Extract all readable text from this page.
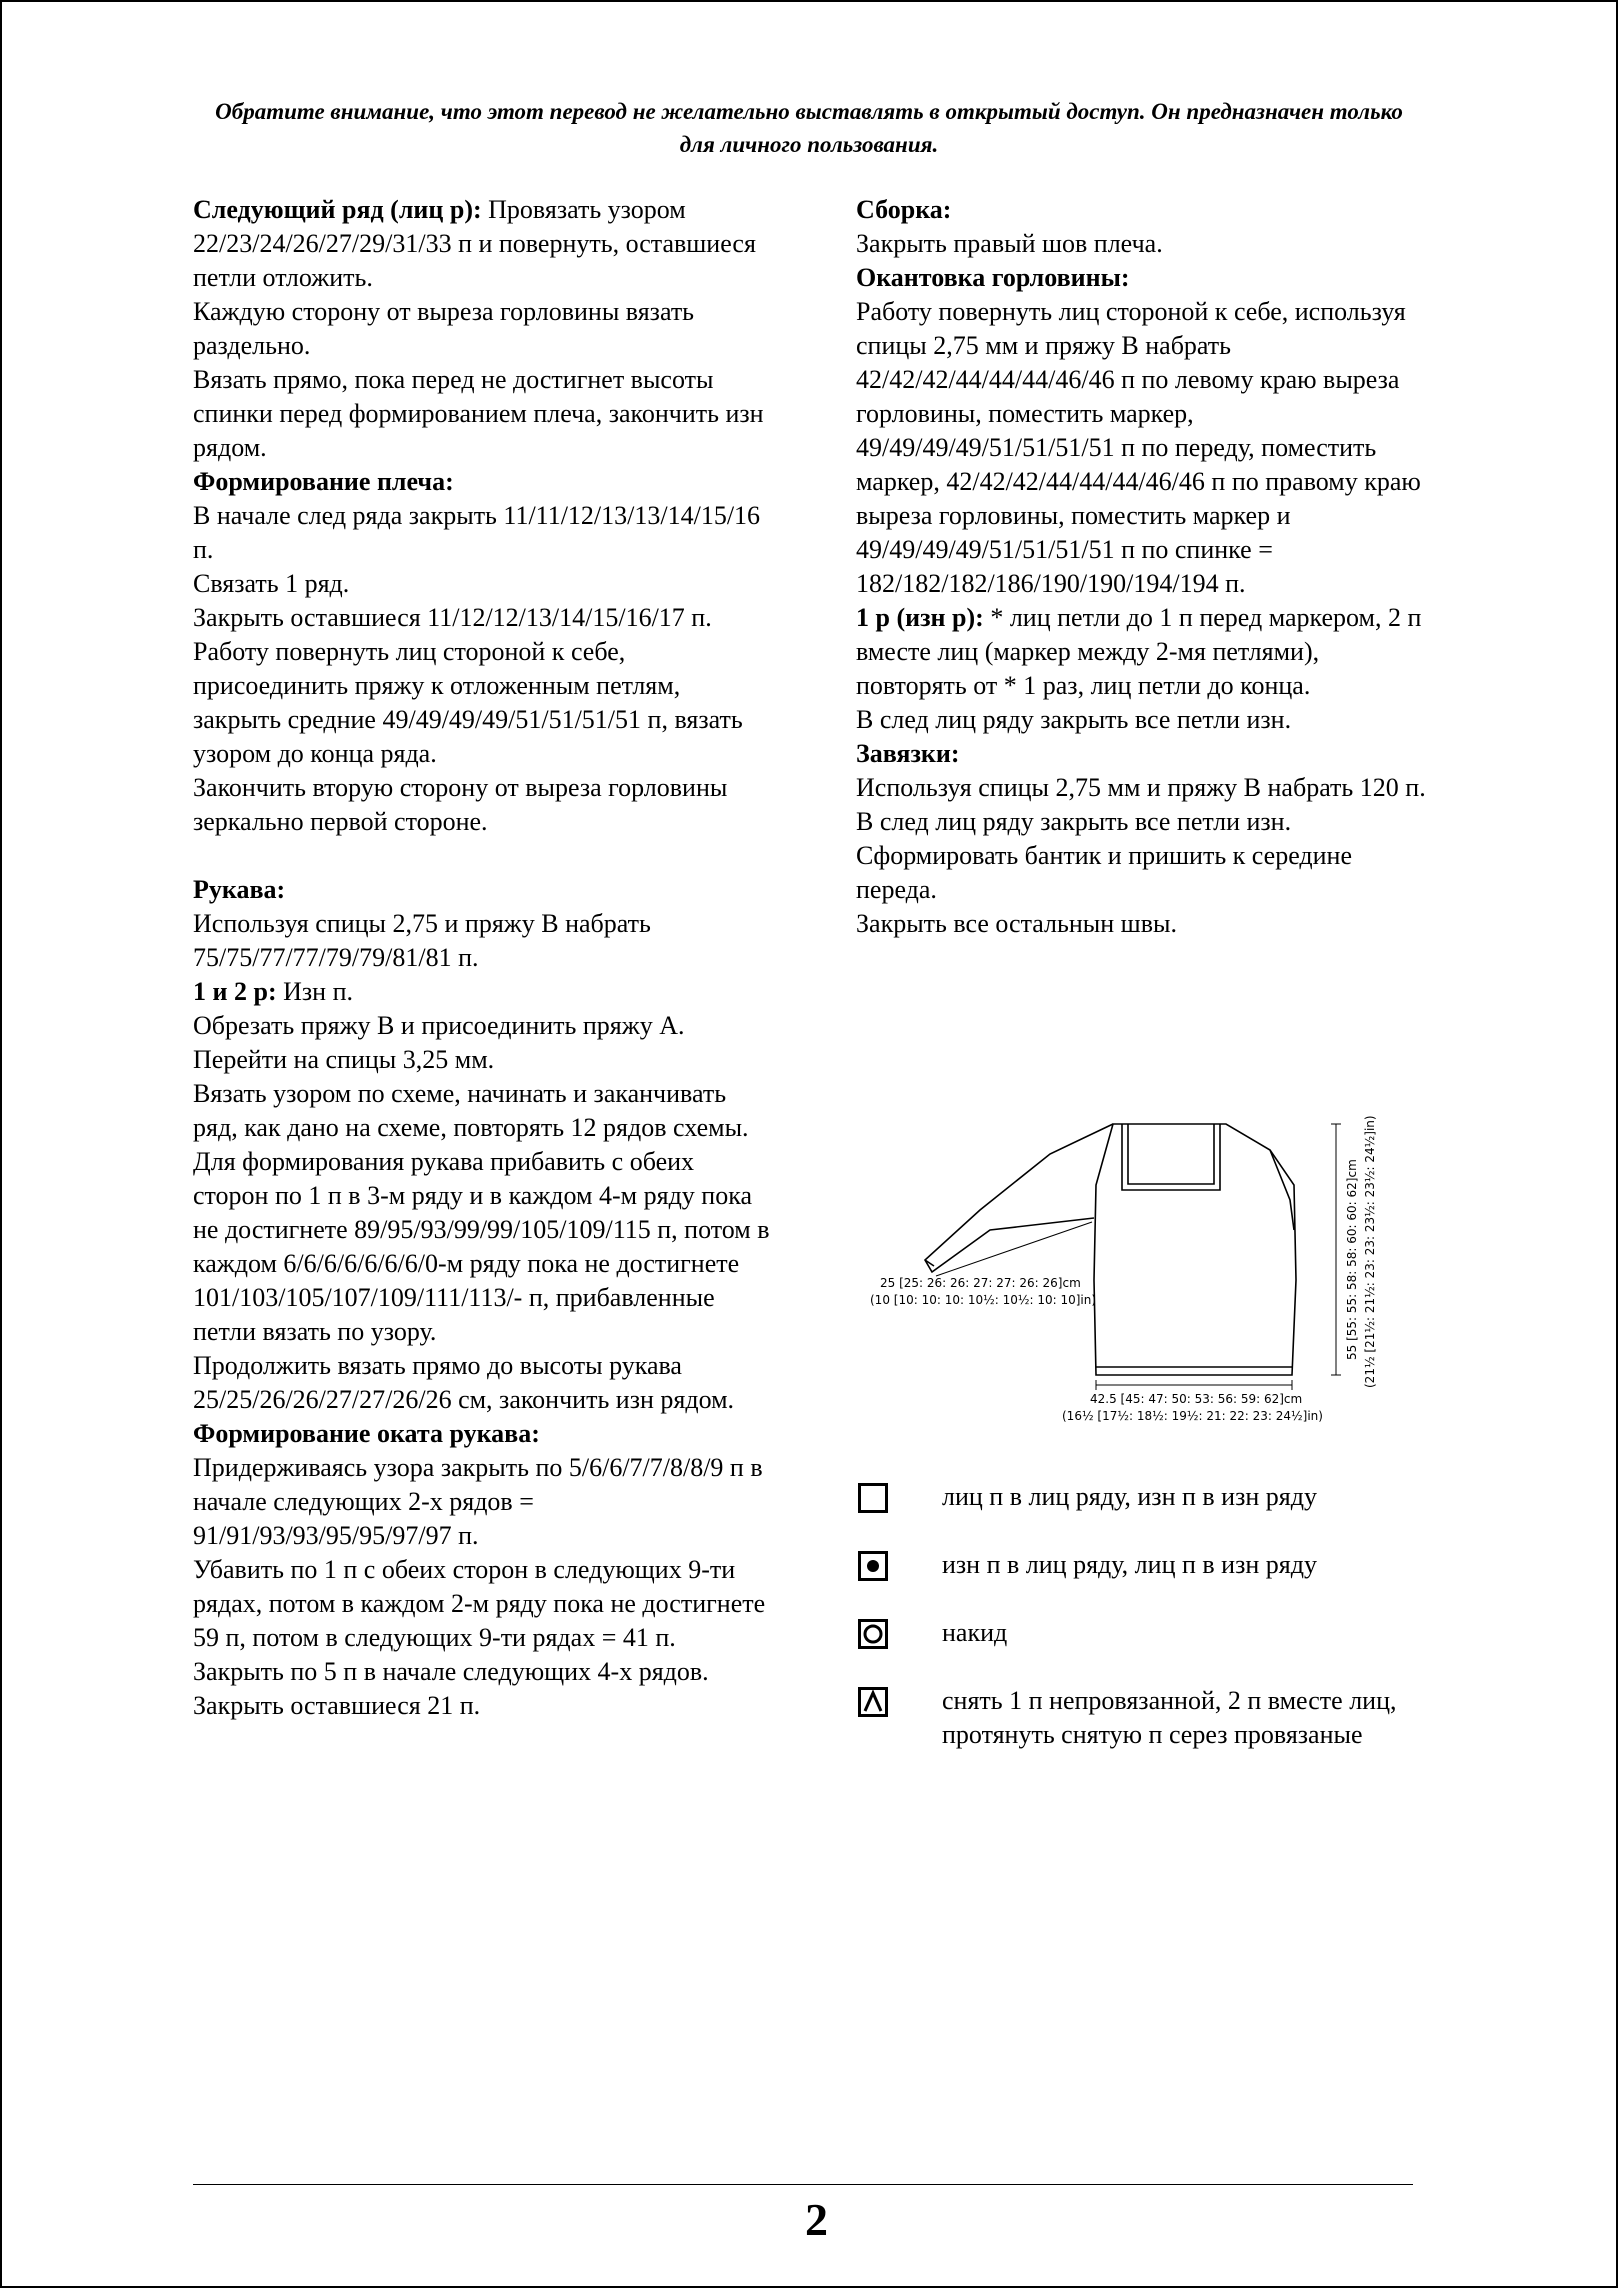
Обратите внимание, что этот перевод не желательно выставлять в открытый доступ. Он предназначен только для личного пользования.

Следующий ряд (лиц р): Провязать узором 22/23/24/26/27/29/31/33 п и повернуть, оставшиеся петли отложить.

Каждую сторону от выреза горловины вязать раздельно.

Вязать прямо, пока перед не достигнет высоты спинки перед формированием плеча, закончить изн рядом.

Формирование плеча:

В начале след ряда закрыть 11/11/12/13/13/14/15/16 п.

Связать 1 ряд.

Закрыть оставшиеся 11/12/12/13/14/15/16/17 п.

Работу повернуть лиц стороной к себе, присоединить пряжу к отложенным петлям, закрыть средние 49/49/49/49/51/51/51/51 п, вязать узором до конца ряда.

Закончить вторую сторону от выреза горловины зеркально первой стороне.

Рукава:

Используя спицы 2,75 и пряжу В набрать 75/75/77/77/79/79/81/81 п.

1 и 2 р: Изн п.

Обрезать пряжу В и присоединить пряжу А. Перейти на спицы 3,25 мм.

Вязать узором по схеме, начинать и заканчивать ряд, как дано на схеме, повторять 12 рядов схемы. Для формирования рукава прибавить с обеих сторон по 1 п в 3-м ряду и в каждом 4-м ряду пока не достигнете 89/95/93/99/99/105/109/115 п, потом в каждом 6/6/6/6/6/6/6/0-м ряду пока не достигнете 101/103/105/107/109/111/113/- п, прибавленные петли вязать по узору.

Продолжить вязать прямо до высоты рукава 25/25/26/26/27/27/26/26 см, закончить изн рядом.

Формирование оката рукава:

Придерживаясь узора закрыть по 5/6/6/7/7/8/8/9 п в начале следующих 2-х рядов = 91/91/93/93/95/95/97/97 п.

Убавить по 1 п с обеих сторон в следующих 9-ти рядах, потом в каждом 2-м ряду пока не достигнете 59 п, потом в следующих 9-ти рядах = 41 п.

Закрыть по 5 п в начале следующих 4-х рядов.

Закрыть оставшиеся 21 п.

Сборка:

Закрыть правый шов плеча.

Окантовка горловины:

Работу повернуть лиц стороной к себе, используя спицы 2,75 мм и пряжу В набрать 42/42/42/44/44/44/46/46 п по левому краю выреза горловины, поместить маркер, 49/49/49/49/51/51/51/51 п по переду, поместить маркер, 42/42/42/44/44/44/46/46 п по правому краю выреза горловины, поместить маркер и 49/49/49/49/51/51/51/51 п по спинке = 182/182/182/186/190/190/194/194 п.

1 р (изн р): * лиц петли до 1 п перед маркером, 2 п вместе лиц (маркер между 2-мя петлями), повторять от * 1 раз, лиц петли до конца.

В след лиц ряду закрыть все петли изн.

Завязки:

Используя спицы 2,75 мм и пряжу В набрать 120 п.

В след лиц ряду закрыть все петли изн.

Сформировать бантик и пришить к середине переда.

Закрыть все остальнын швы.

25 [25: 26: 26: 27: 27: 26: 26]cm
(10 [10: 10: 10: 10½: 10½: 10: 10]in)
42.5 [45: 47: 50: 53: 56: 59: 62]cm
(16½ [17½: 18½: 19½: 21: 22: 23: 24½]in)
55 [55: 55: 58: 58: 60: 60: 62]cm (21½ [21½: 21½: 23: 23: 23½: 23½: 24½]in)
лиц п в лиц ряду, изн п в изн ряду
изн п в лиц ряду, лиц п в изн ряду
накид
снять 1 п непровязанной, 2 п вместе лиц, протянуть снятую п серез провязаные
2
